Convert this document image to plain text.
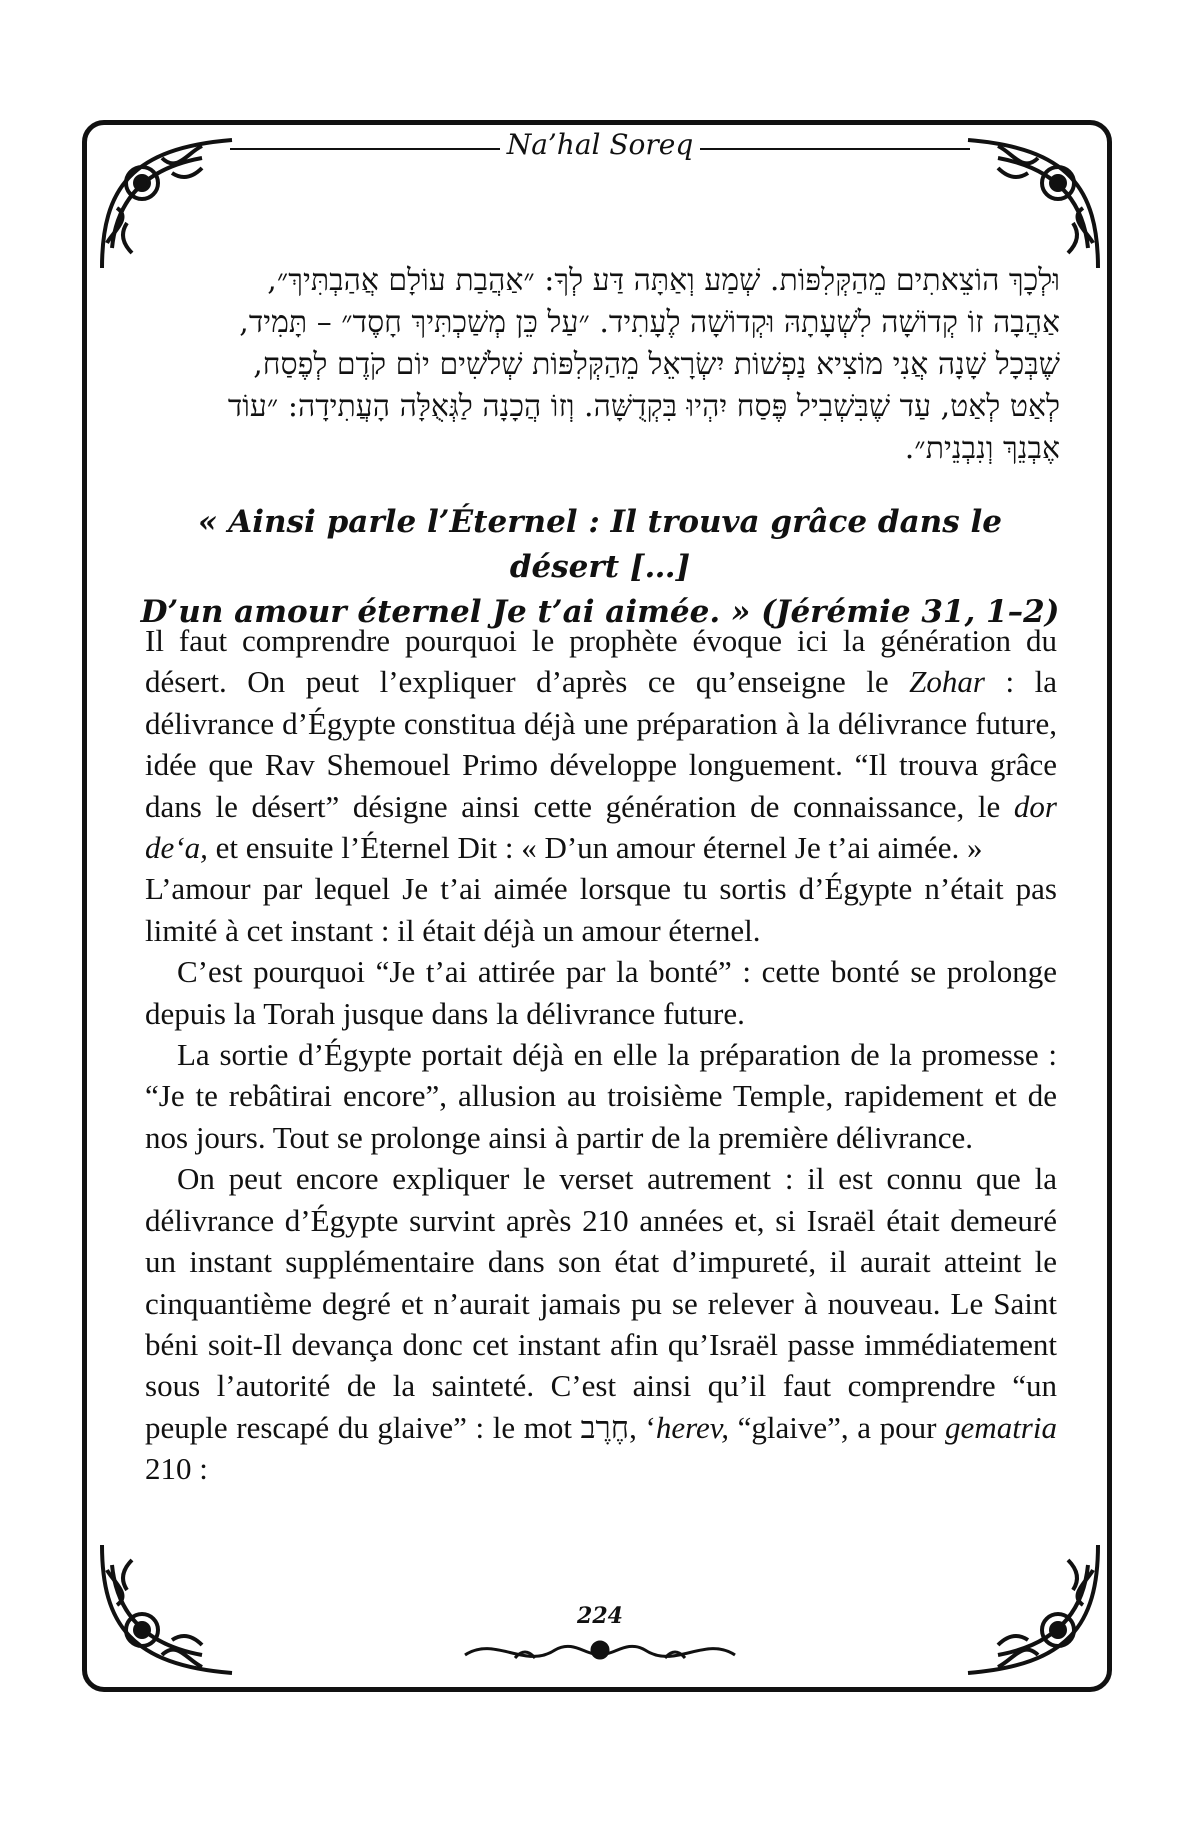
Na’hal Soreq

וּלְכָךְ הוֹצֵאתִים מֵהַקְּלִפּוֹת. שְׁמַע וְאַתָּה דַּע לְךָ: ״אַהֲבַת עוֹלָם אֲהַבְתִּיךְ״,

אַהֲבָה זוֹ קְדוֹשָׁה לִשְׁעָתָהּ וּקְדוֹשָׁה לֶעָתִיד. ״עַל כֵּן מְשַׁכְתִּיךְ חָסֶד״ – תָּמִיד,

שֶׁבְּכָל שָׁנָה אֲנִי מוֹצִיא נַפְשׁוֹת יִשְׂרָאֵל מֵהַקְּלִפּוֹת שְׁלֹשִׁים יוֹם קֹדֶם לְפֶסַח,

לְאַט לְאַט, עַד שֶׁבִּשְׁבִיל פֶּסַח יִהְיוּ בִּקְדֻשָּׁה. וְזוֹ הֲכָנָה לַגְּאֻלָּה הָעֲתִידָה: ״עוֹד

אֶבְנֵךְ וְנִבְנֵית״.

« Ainsi parle l’Éternel : Il trouva grâce dans le désert […]

D’un amour éternel Je t’ai aimée. » (Jérémie 31, 1–2)

Il faut comprendre pourquoi le prophète évoque ici la génération du désert. On peut l’expliquer d’après ce qu’enseigne le Zohar : la délivrance d’Égypte constitua déjà une préparation à la délivrance future, idée que Rav Shemouel Primo développe longuement. “Il trouva grâce dans le désert” désigne ainsi cette génération de connaissance, le dor de‘a, et ensuite l’Éternel Dit : « D’un amour éternel Je t’ai aimée. »

L’amour par lequel Je t’ai aimée lorsque tu sortis d’Égypte n’était pas limité à cet instant : il était déjà un amour éternel.

C’est pourquoi “Je t’ai attirée par la bonté” : cette bonté se prolonge depuis la Torah jusque dans la délivrance future.

La sortie d’Égypte portait déjà en elle la préparation de la promesse : “Je te rebâtirai encore”, allusion au troisième Temple, rapidement et de nos jours. Tout se prolonge ainsi à partir de la première délivrance.

On peut encore expliquer le verset autrement : il est connu que la délivrance d’Égypte survint après 210 années et, si Israël était demeuré un instant supplémentaire dans son état d’impureté, il aurait atteint le cinquantième degré et n’aurait jamais pu se relever à nouveau. Le Saint béni soit-Il devança donc cet instant afin qu’Israël passe immédiatement sous l’autorité de la sainteté. C’est ainsi qu’il faut comprendre “un peuple rescapé du glaive” : le mot חֶרֶב, ‘herev, “glaive”, a pour gematria 210 :

224
